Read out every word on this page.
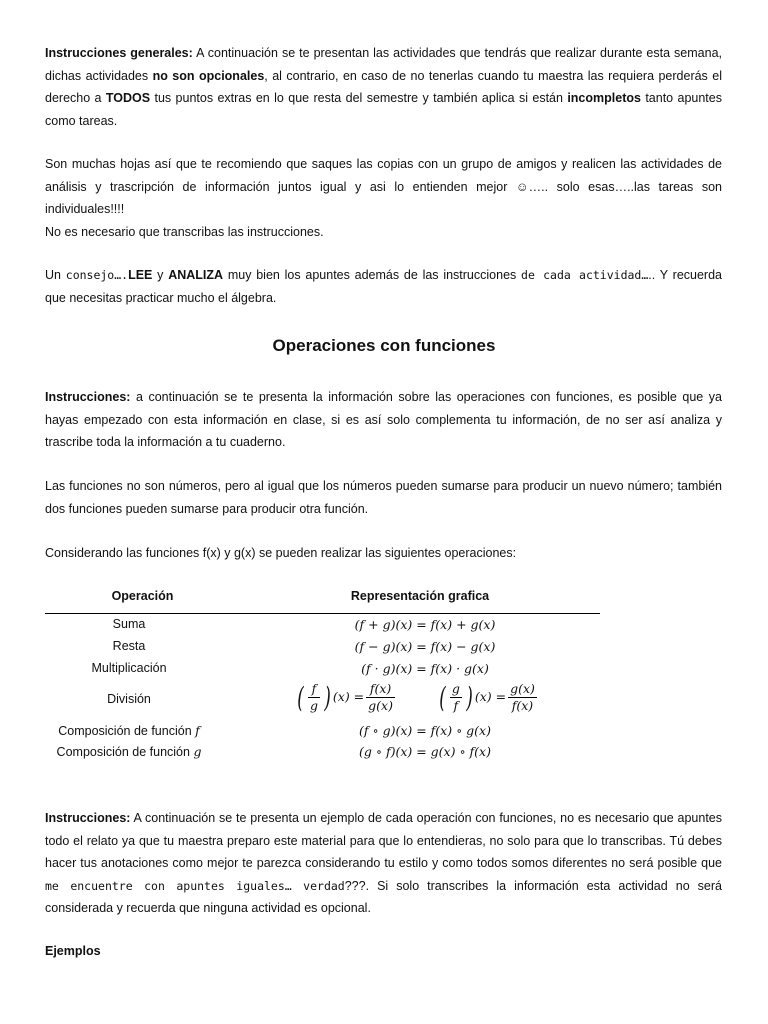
Instrucciones generales: A continuación se te presentan las actividades que tendrás que realizar durante esta semana, dichas actividades no son opcionales, al contrario, en caso de no tenerlas cuando tu maestra las requiera perderás el derecho a TODOS tus puntos extras en lo que resta del semestre y también aplica si están incompletos tanto apuntes como tareas.

Son muchas hojas así que te recomiendo que saques las copias con un grupo de amigos y realicen las actividades de análisis y trascripción de información juntos igual y asi lo entienden mejor ☺….. solo esas…..las tareas son individuales!!!!

No es necesario que transcribas las instrucciones.

Un consejo….LEE y ANALIZA muy bien los apuntes además de las instrucciones de cada actividad….. Y recuerda que necesitas practicar mucho el álgebra.

Operaciones con funciones

Instrucciones: a continuación se te presenta la información sobre las operaciones con funciones, es posible que ya hayas empezado con esta información en clase, si es así solo complementa tu información, de no ser así analiza y trascribe toda la información a tu cuaderno.

Las funciones no son números, pero al igual que los números pueden sumarse para producir un nuevo número; también dos funciones pueden sumarse para producir otra función.

Considerando las funciones f(x) y g(x) se pueden realizar las siguientes operaciones:

Operación	Representación grafica
Suma	(f + g)(x) = f(x) + g(x)
Resta	(f − g)(x) = f(x) − g(x)
Multiplicación	(f · g)(x) = f(x) · g(x)
División	( $\frac{f}{g}$ ) $(x) = \frac{f(x)}{g(x)}$ ( $\frac{g}{f}$ ) $(x) = \frac{g(x)}{f(x)}$
Composición de función f	(f ∘ g)(x) = f(x) ∘ g(x)
Composición de función g	(g ∘ f)(x) = g(x) ∘ f(x)

Instrucciones: A continuación se te presenta un ejemplo de cada operación con funciones, no es necesario que apuntes todo el relato ya que tu maestra preparo este material para que lo entendieras, no solo para que lo transcribas. Tú debes hacer tus anotaciones como mejor te parezca considerando tu estilo y como todos somos diferentes no será posible que me encuentre con apuntes iguales… verdad???. Si solo transcribes la información esta actividad no será considerada y recuerda que ninguna actividad es opcional.

Ejemplos
